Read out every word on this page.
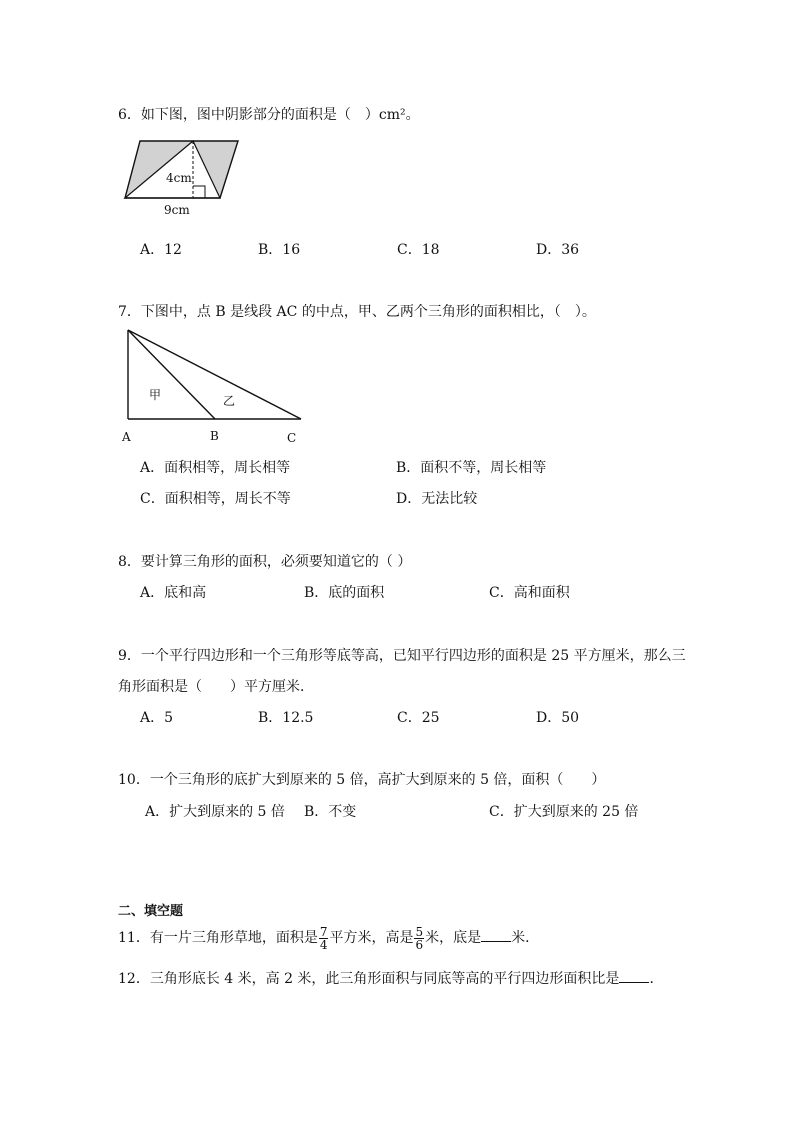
6．如下图，图中阴影部分的面积是（　）cm²。
4cm
9cm
A．12	B．16	C．18	D．36
7．下图中，点 B 是线段 AC 的中点，甲、乙两个三角形的面积相比，（　）。
甲	乙
A	B	C
A．面积相等，周长相等	B．面积不等，周长相等
C．面积相等，周长不等	D．无法比较
8．要计算三角形的面积，必须要知道它的（ ）
A．底和高	B．底的面积	C．高和面积
9．一个平行四边形和一个三角形等底等高，已知平行四边形的面积是 25 平方厘米，那么三
角形面积是（　　）平方厘米．
A．5	B．12.5	C．25	D．50
10．一个三角形的底扩大到原来的 5 倍，高扩大到原来的 5 倍，面积（　　）
A．扩大到原来的 5 倍 B．不变	C．扩大到原来的 25 倍
二、填空题
11．有一片三角形草地，面积是 $\frac{7}{4}$ 平方米，高是 $\frac{5}{6}$ 米，底是 米．
12．三角形底长 4 米，高 2 米，此三角形面积与同底等高的平行四边形面积比是 ．
